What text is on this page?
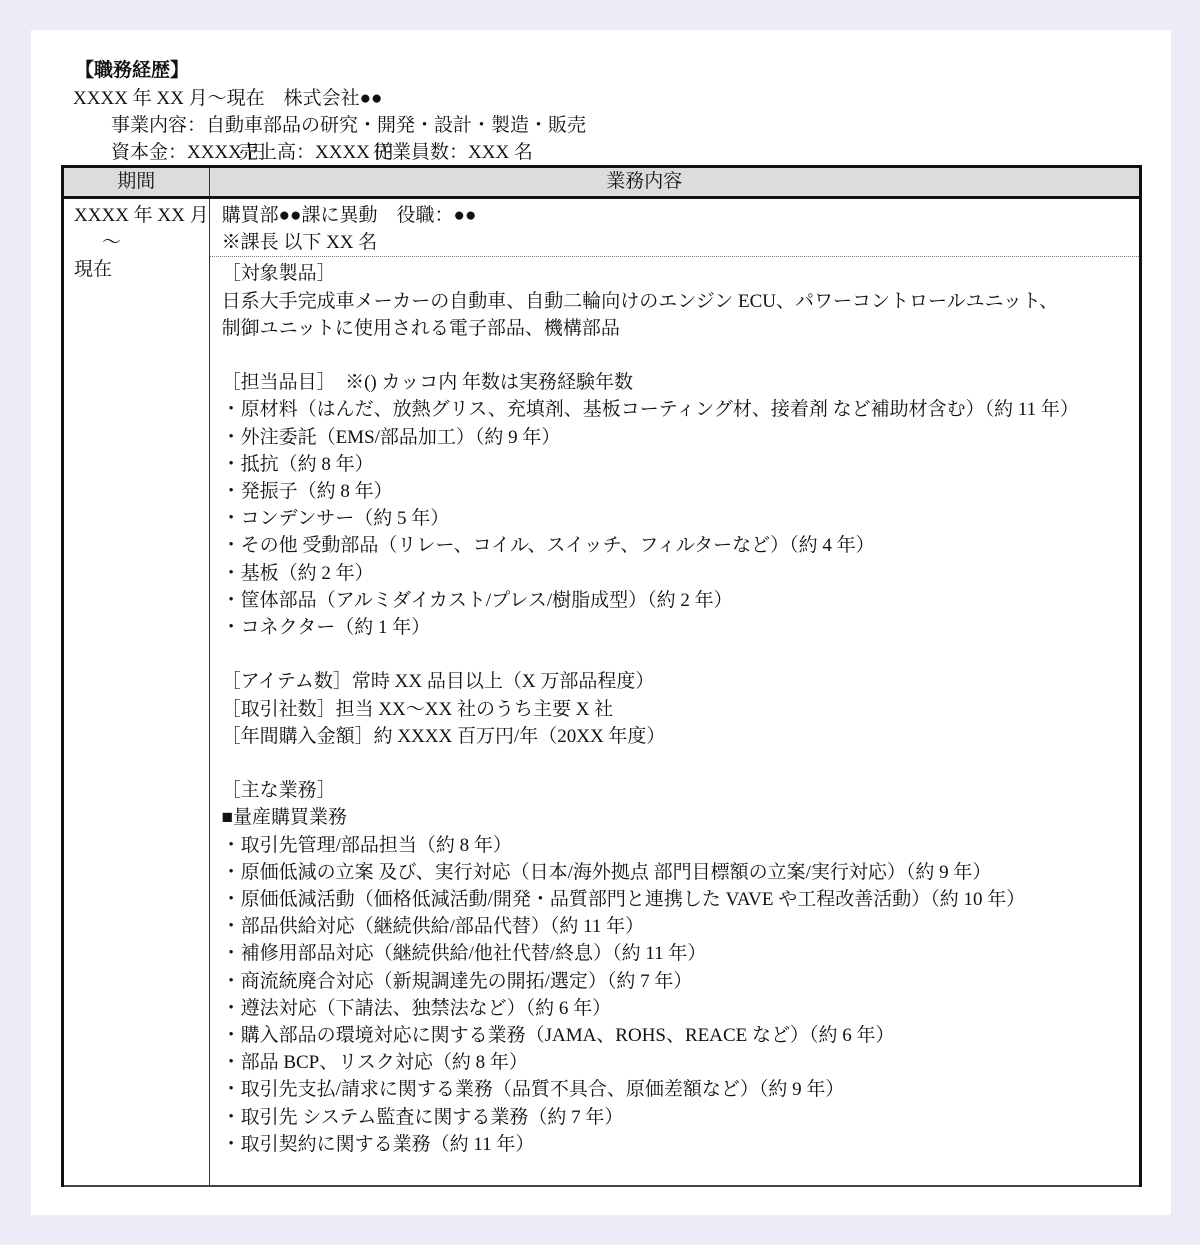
【職務経歴】
XXXX 年 XX 月～現在　株式会社●●
事業内容：自動車部品の研究・開発・設計・製造・販売
資本金：XXXX 円売上高：XXXX 円従業員数：XXX 名
期間	業務内容

XXXX 年 XX 月
～
現在

購買部●●課に異動　役職：●●
※課長 以下 XX 名
［対象製品］
日系大手完成車メーカーの自動車、自動二輪向けのエンジン ECU、パワーコントロールユニット、
制御ユニットに使用される電子部品、機構部品
［担当品目］　※() カッコ内 年数は実務経験年数
・原材料（はんだ、放熱グリス、充填剤、基板コーティング材、接着剤 など補助材含む）（約 11 年）
・外注委託（EMS/部品加工）（約 9 年）
・抵抗（約 8 年）
・発振子（約 8 年）
・コンデンサー（約 5 年）
・その他 受動部品（リレー、コイル、スイッチ、フィルターなど）（約 4 年）
・基板（約 2 年）
・筐体部品（アルミダイカスト/プレス/樹脂成型）（約 2 年）
・コネクター（約 1 年）
［アイテム数］常時 XX 品目以上（X 万部品程度）
［取引社数］担当 XX～XX 社のうち主要 X 社
［年間購入金額］約 XXXX 百万円/年（20XX 年度）
［主な業務］
■量産購買業務
・取引先管理/部品担当（約 8 年）
・原価低減の立案 及び、実行対応（日本/海外拠点 部門目標額の立案/実行対応）（約 9 年）
・原価低減活動（価格低減活動/開発・品質部門と連携した VAVE や工程改善活動）（約 10 年）
・部品供給対応（継続供給/部品代替）（約 11 年）
・補修用部品対応（継続供給/他社代替/終息）（約 11 年）
・商流統廃合対応（新規調達先の開拓/選定）（約 7 年）
・遵法対応（下請法、独禁法など）（約 6 年）
・購入部品の環境対応に関する業務（JAMA、ROHS、REACE など）（約 6 年）
・部品 BCP、リスク対応（約 8 年）
・取引先支払/請求に関する業務（品質不具合、原価差額など）（約 9 年）
・取引先 システム監査に関する業務（約 7 年）
・取引契約に関する業務（約 11 年）
